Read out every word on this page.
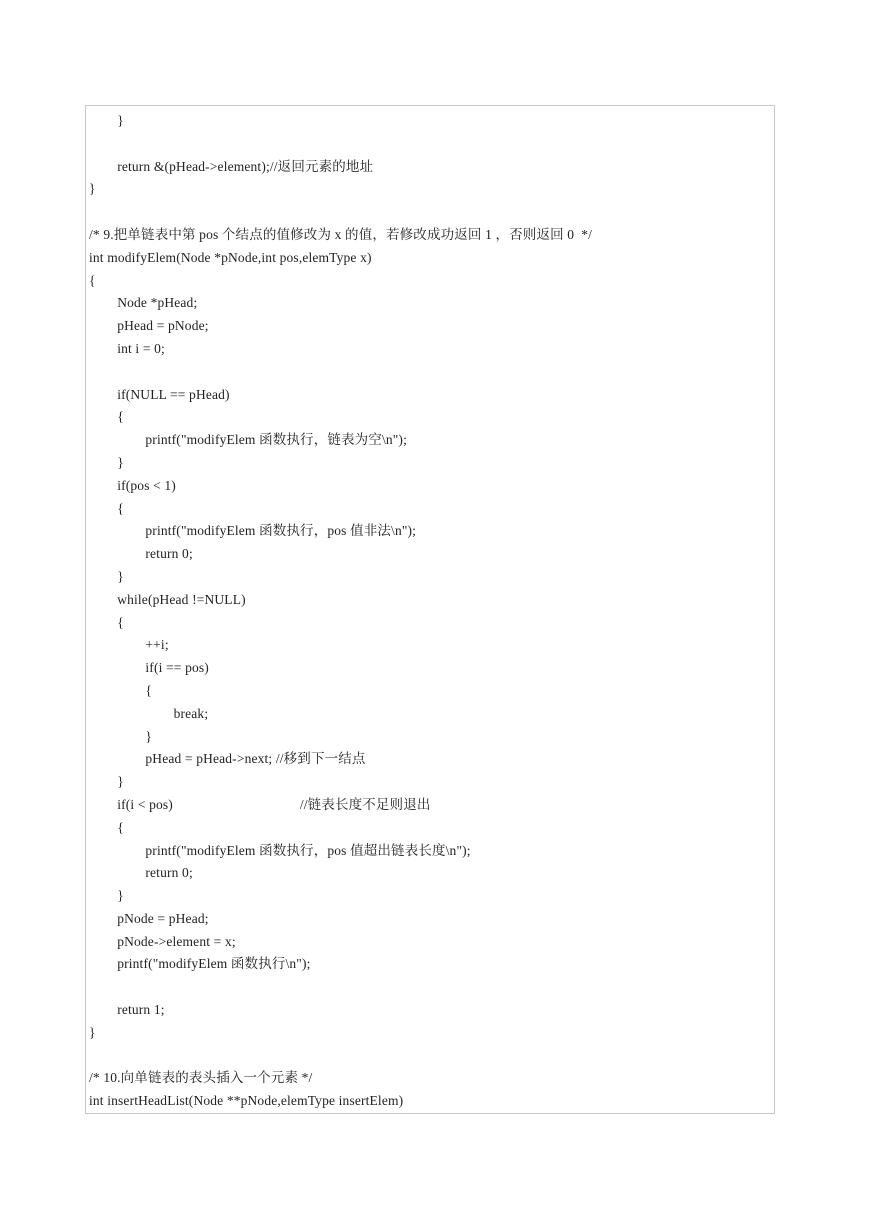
}
return &(pHead->element);//返回元素的地址
}
/* 9.把单链表中第 pos 个结点的值修改为 x 的值，若修改成功返回 1 ，否则返回 0  */
int modifyElem(Node *pNode,int pos,elemType x)
{
Node *pHead;
pHead = pNode;
int i = 0;
if(NULL == pHead)
{
printf("modifyElem 函数执行，链表为空\n");
}
if(pos < 1)
{
printf("modifyElem 函数执行，pos 值非法\n");
return 0;
}
while(pHead !=NULL)
{
++i;
if(i == pos)
{
break;
}
pHead = pHead->next; //移到下一结点
}
if(i < pos)                                    //链表长度不足则退出
{
printf("modifyElem 函数执行，pos 值超出链表长度\n");
return 0;
}
pNode = pHead;
pNode->element = x;
printf("modifyElem 函数执行\n");
return 1;
}
/* 10.向单链表的表头插入一个元素 */
int insertHeadList(Node **pNode,elemType insertElem)
